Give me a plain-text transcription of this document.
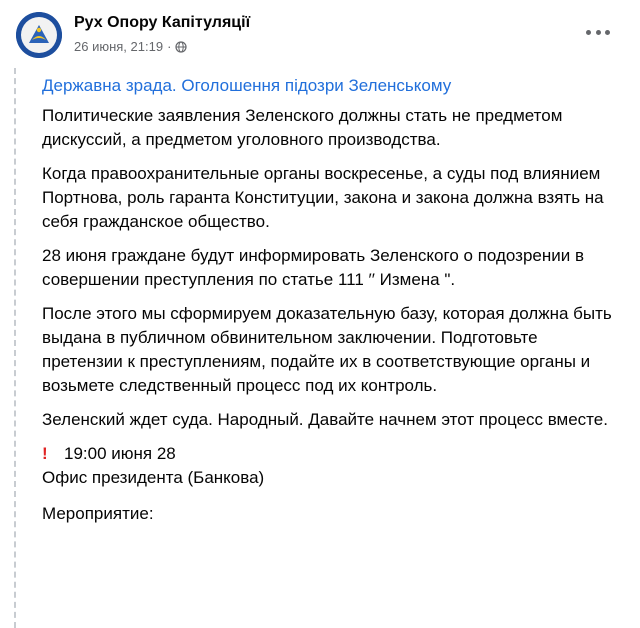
Рух Опору Капітуляції
26 июня, 21:19 ·
Державна зрада. Оголошення підозри Зеленському

Политические заявления Зеленского должны стать не предметом дискуссий, а предметом уголовного производства.

Когда правоохранительные органы воскресенье, а суды под влиянием Портнова, роль гаранта Конституции, закона и закона должна взять на себя гражданское общество.

28 июня граждане будут информировать Зеленского о подозрении в совершении преступления по статье 111 ′′ Измена ".

После этого мы сформируем доказательную базу, которая должна быть выдана в публичном обвинительном заключении. Подготовьте претензии к преступлениям, подайте их в соответствующие органы и возьмете следственный процесс под их контроль.

Зеленский ждет суда. Народный. Давайте начнем этот процесс вместе.

! 19:00 июня 28
Офис президента (Банкова)
Мероприятие:
